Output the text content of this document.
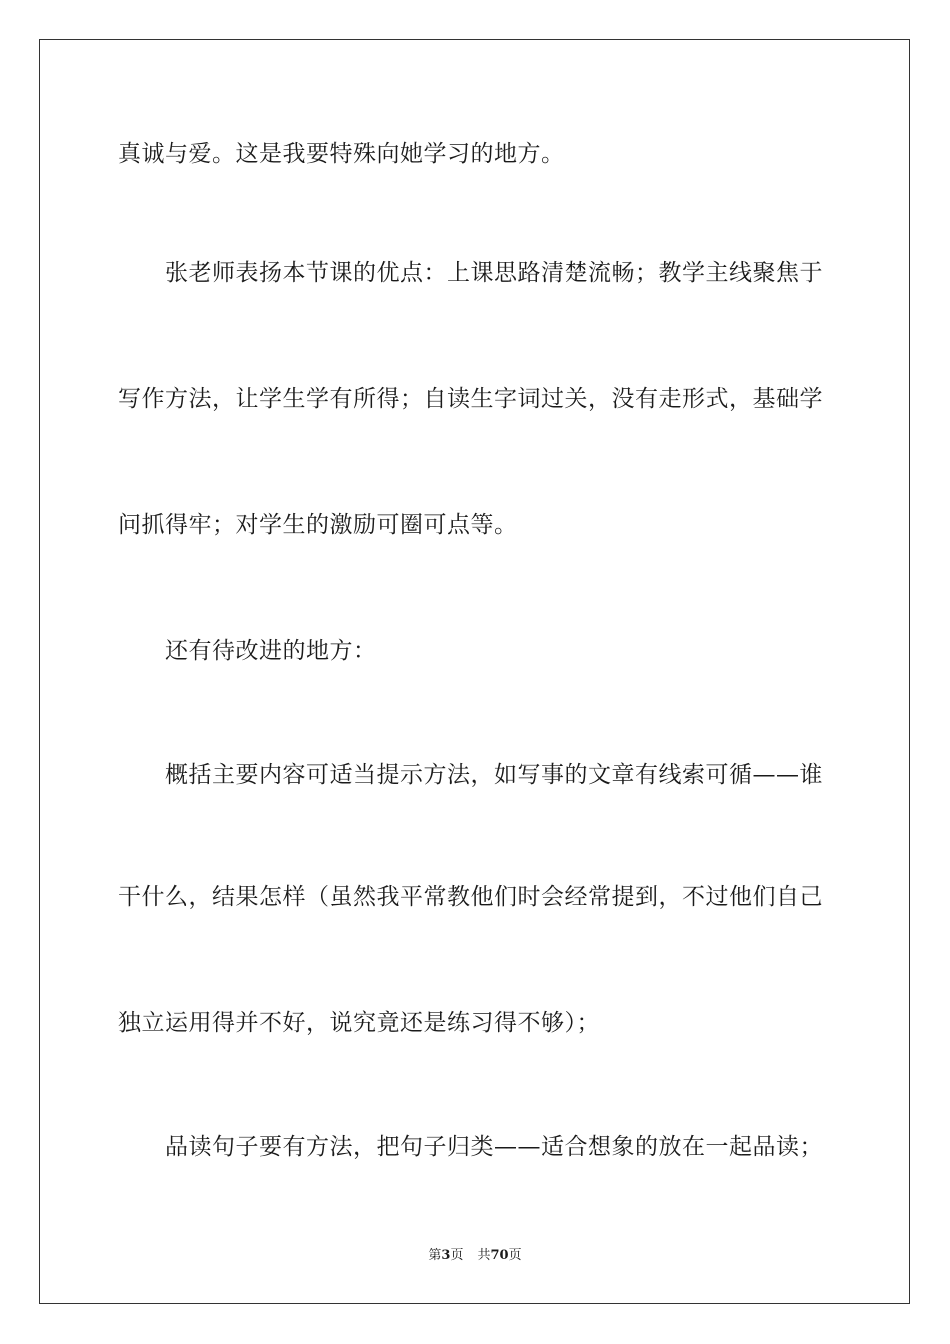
真诚与爱。这是我要特殊向她学习的地方。
张老师表扬本节课的优点：上课思路清楚流畅；教学主线聚焦于
写作方法，让学生学有所得；自读生字词过关，没有走形式，基础学
问抓得牢；对学生的激励可圈可点等。
还有待改进的地方：
概括主要内容可适当提示方法，如写事的文章有线索可循——谁
干什么，结果怎样（虽然我平常教他们时会经常提到，不过他们自己
独立运用得并不好，说究竟还是练习得不够）；
品读句子要有方法，把句子归类——适合想象的放在一起品读；
第3页 共70页
